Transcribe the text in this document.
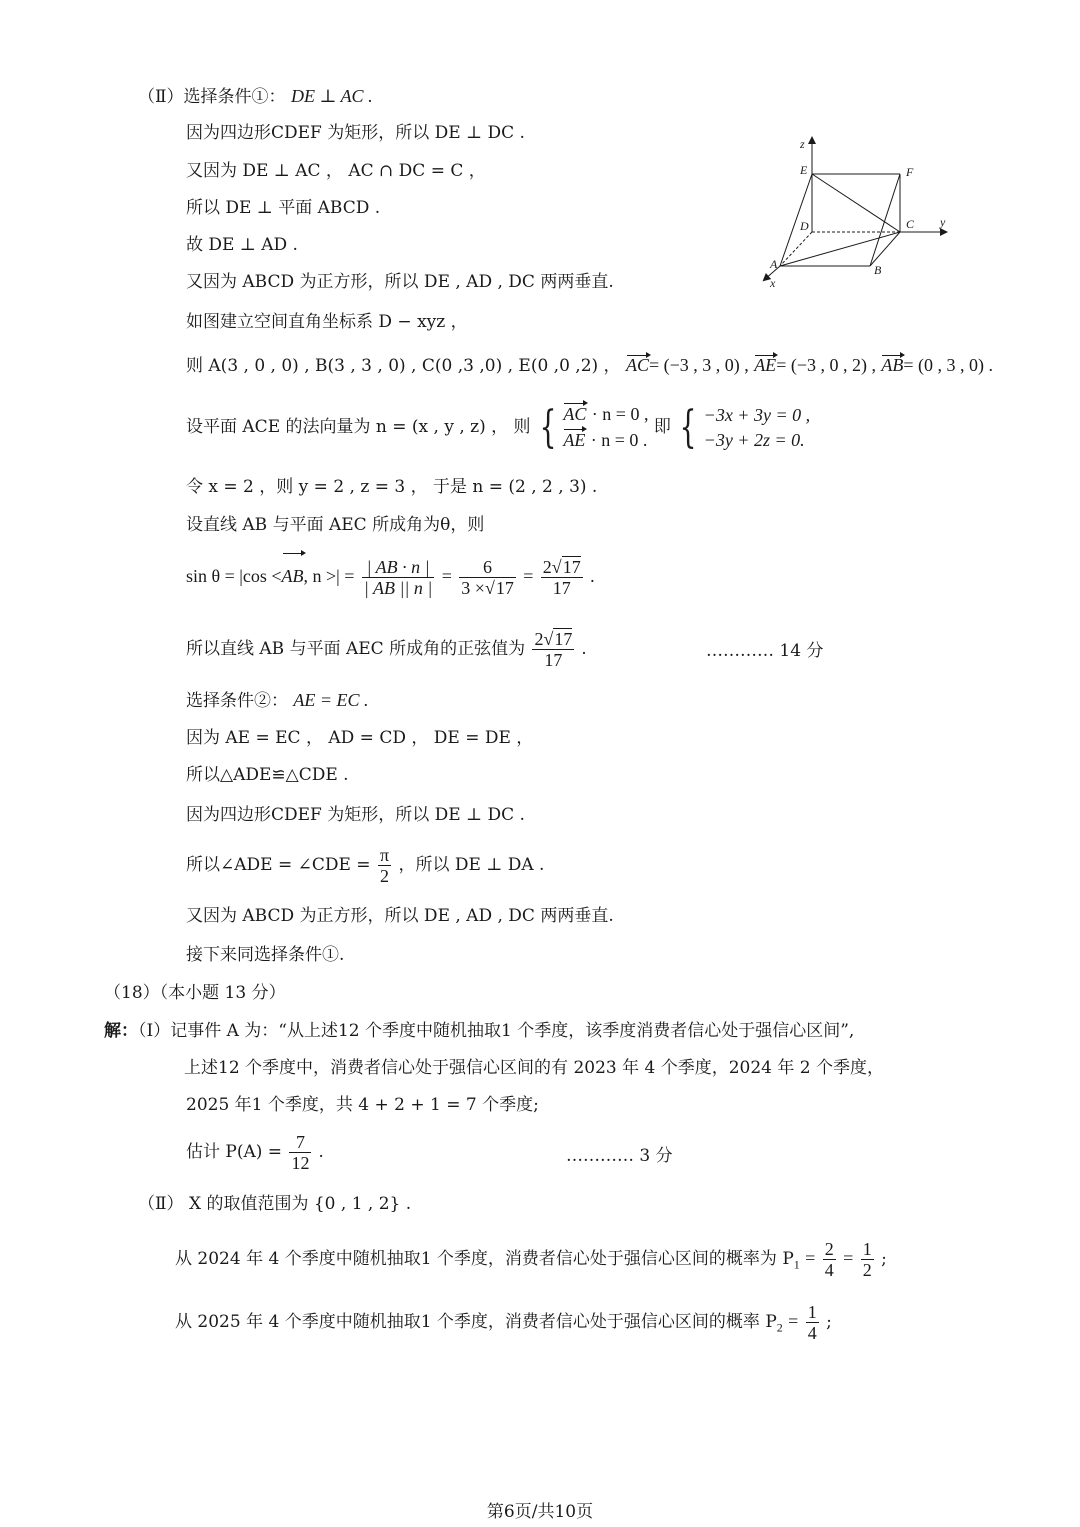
（Ⅱ）选择条件①： DE ⊥ AC .
因为四边形CDEF 为矩形，所以 DE ⊥ DC .
又因为 DE ⊥ AC ， AC ∩ DC = C ，
所以 DE ⊥ 平面 ABCD .
故 DE ⊥ AD .
又因为 ABCD 为正方形，所以 DE , AD , DC 两两垂直.
如图建立空间直角坐标系 D − xyz ，
则 A(3 , 0 , 0) , B(3 , 3 , 0) , C(0 ,3 ,0) , E(0 ,0 ,2) ， AC= (−3 , 3 , 0) , AE= (−3 , 0 , 2) , AB= (0 , 3 , 0) .
设平面 ACE 的法向量为 n = (x , y , z) ， 则 { AC · n = 0 ,
AE · n = 0 .
即 { −3x + 3y = 0 ,
−3y + 2z = 0.
令 x = 2 ，则 y = 2 , z = 3 ， 于是 n = (2 , 2 , 3) .
设直线 AB 与平面 AEC 所成角为θ，则
sin θ = |cos <AB, n >| = $\frac{| AB \cdot n |}{| AB || n |} = \frac{6}{3 \times√17} = \frac{2√17}{17}$ .
所以直线 AB 与平面 AEC 所成角的正弦值为 $\frac{2√17}{17}$ .	………… 14 分
选择条件②： AE = EC .
因为 AE = EC ， AD = CD ， DE = DE ，
所以△ADE≌△CDE .
因为四边形CDEF 为矩形，所以 DE ⊥ DC .
所以∠ADE = ∠CDE = $\frac{\pi}{2}$ ，所以 DE ⊥ DA .
又因为 ABCD 为正方形，所以 DE , AD , DC 两两垂直.
接下来同选择条件①.
（18）（本小题 13 分）
解：（Ⅰ）记事件 A 为：“从上述12 个季度中随机抽取1 个季度，该季度消费者信心处于强信心区间”,
上述12 个季度中，消费者信心处于强信心区间的有 2023 年 4 个季度，2024 年 2 个季度，
2025 年1 个季度，共 4 + 2 + 1 = 7 个季度;
估计 $P(A) = \frac{7}{12}$ .	………… 3 分
（Ⅱ） X 的取值范围为 {0 , 1 , 2} .
从 2024 年 4 个季度中随机抽取1 个季度，消费者信心处于强信心区间的概率为 $P_1 = \frac{2}{4} = \frac{1}{2}$ ;
从 2025 年 4 个季度中随机抽取1 个季度，消费者信心处于强信心区间的概率 $P_2 = \frac{1}{4}$ ;
z
y
x
E	F
D	C
A	B
第6页/共10页
